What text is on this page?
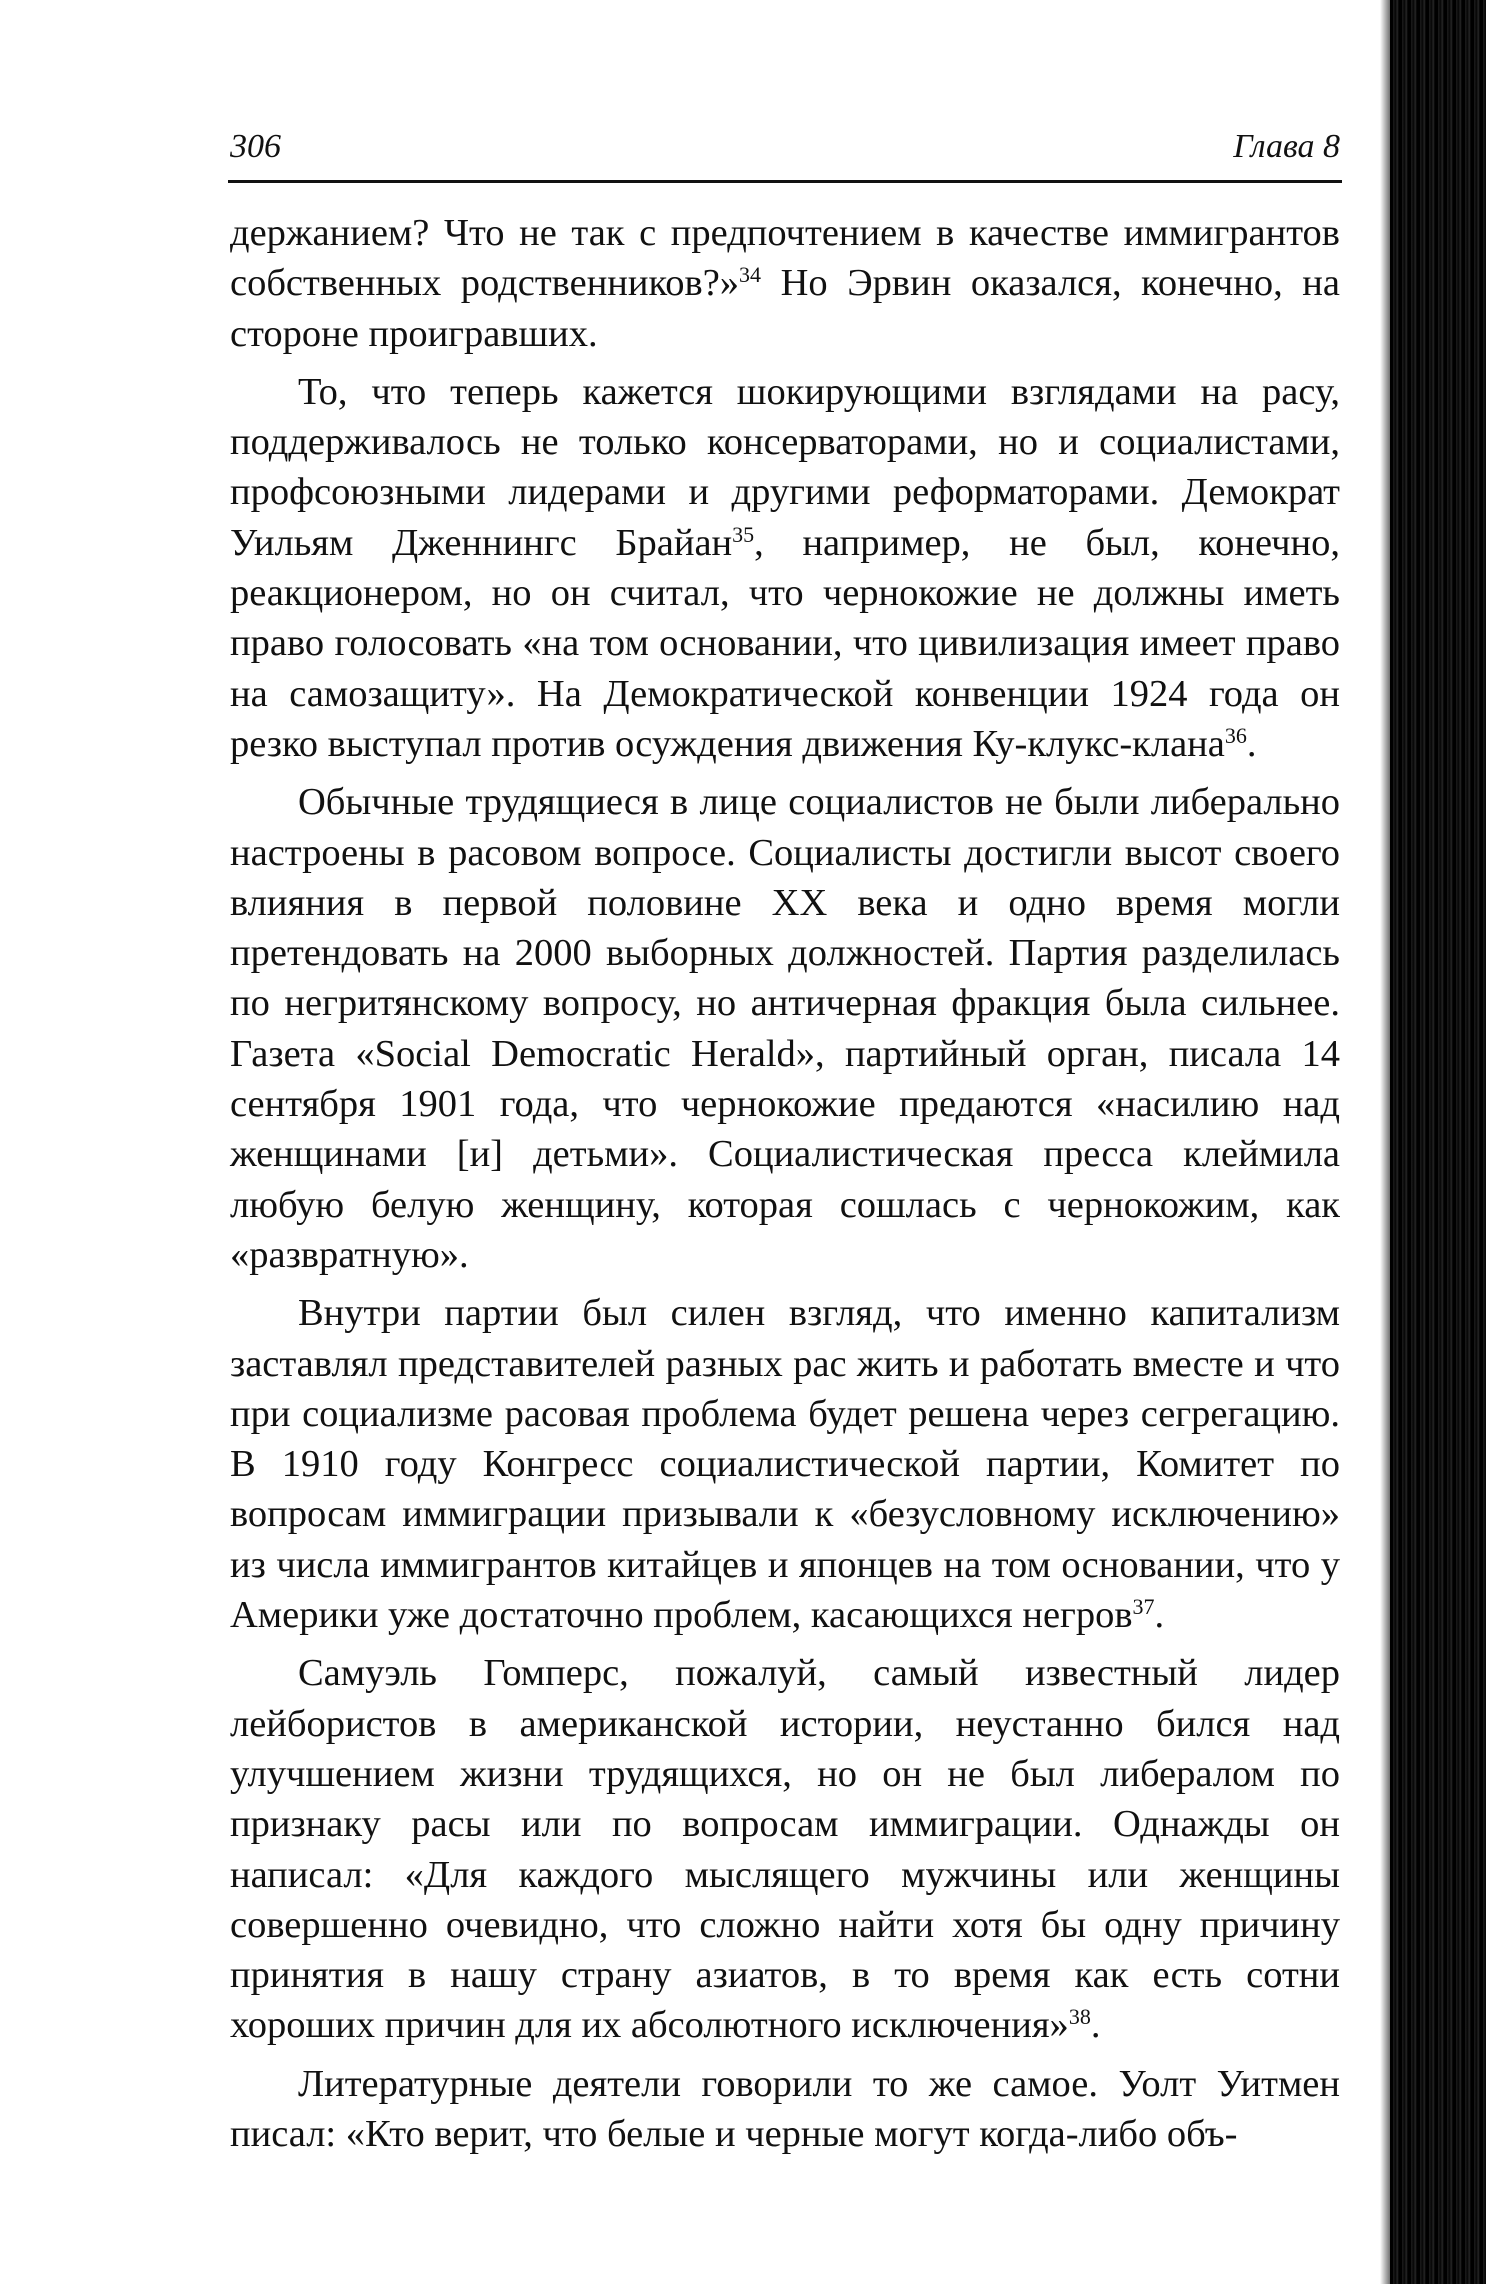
306	Глава 8

держанием? Что не так с предпочтением в качестве иммигрантов собственных родственников?»$^{34}$ Но Эрвин оказался, конечно, на стороне проигравших.

То, что теперь кажется шокирующими взглядами на расу, поддерживалось не только консерваторами, но и социалистами, профсоюзными лидерами и другими реформаторами. Демократ Уильям Дженнингс Брайан$^{35}$, например, не был, конечно, реакционером, но он считал, что чернокожие не должны иметь право голосовать «на том основании, что цивилизация имеет право на самозащиту». На Демократической конвенции 1924 года он резко выступал против осуждения движения Ку-клукс-клана$^{36}$.

Обычные трудящиеся в лице социалистов не были либерально настроены в расовом вопросе. Социалисты достигли высот своего влияния в первой половине XX века и одно время могли претендовать на 2000 выборных должностей. Партия разделилась по негритянскому вопросу, но античерная фракция была сильнее. Газета «Social Democratic Herald», партийный орган, писала 14 сентября 1901 года, что чернокожие предаются «насилию над женщинами [и] детьми». Социалистическая пресса клеймила любую белую женщину, которая сошлась с чернокожим, как «развратную».

Внутри партии был силен взгляд, что именно капитализм заставлял представителей разных рас жить и работать вместе и что при социализме расовая проблема будет решена через сегрегацию. В 1910 году Конгресс социалистической партии, Комитет по вопросам иммиграции призывали к «безусловному исключению» из числа иммигрантов китайцев и японцев на том основании, что у Америки уже достаточно проблем, касающихся негров$^{37}$.

Самуэль Гомперс, пожалуй, самый известный лидер лейбористов в американской истории, неустанно бился над улучшением жизни трудящихся, но он не был либералом по признаку расы или по вопросам иммиграции. Однажды он написал: «Для каждого мыслящего мужчины или женщины совершенно очевидно, что сложно найти хотя бы одну причину принятия в нашу страну азиатов, в то время как есть сотни хороших причин для их абсолютного исключения»$^{38}$.

Литературные деятели говорили то же самое. Уолт Уитмен писал: «Кто верит, что белые и черные могут когда-либо объ-
